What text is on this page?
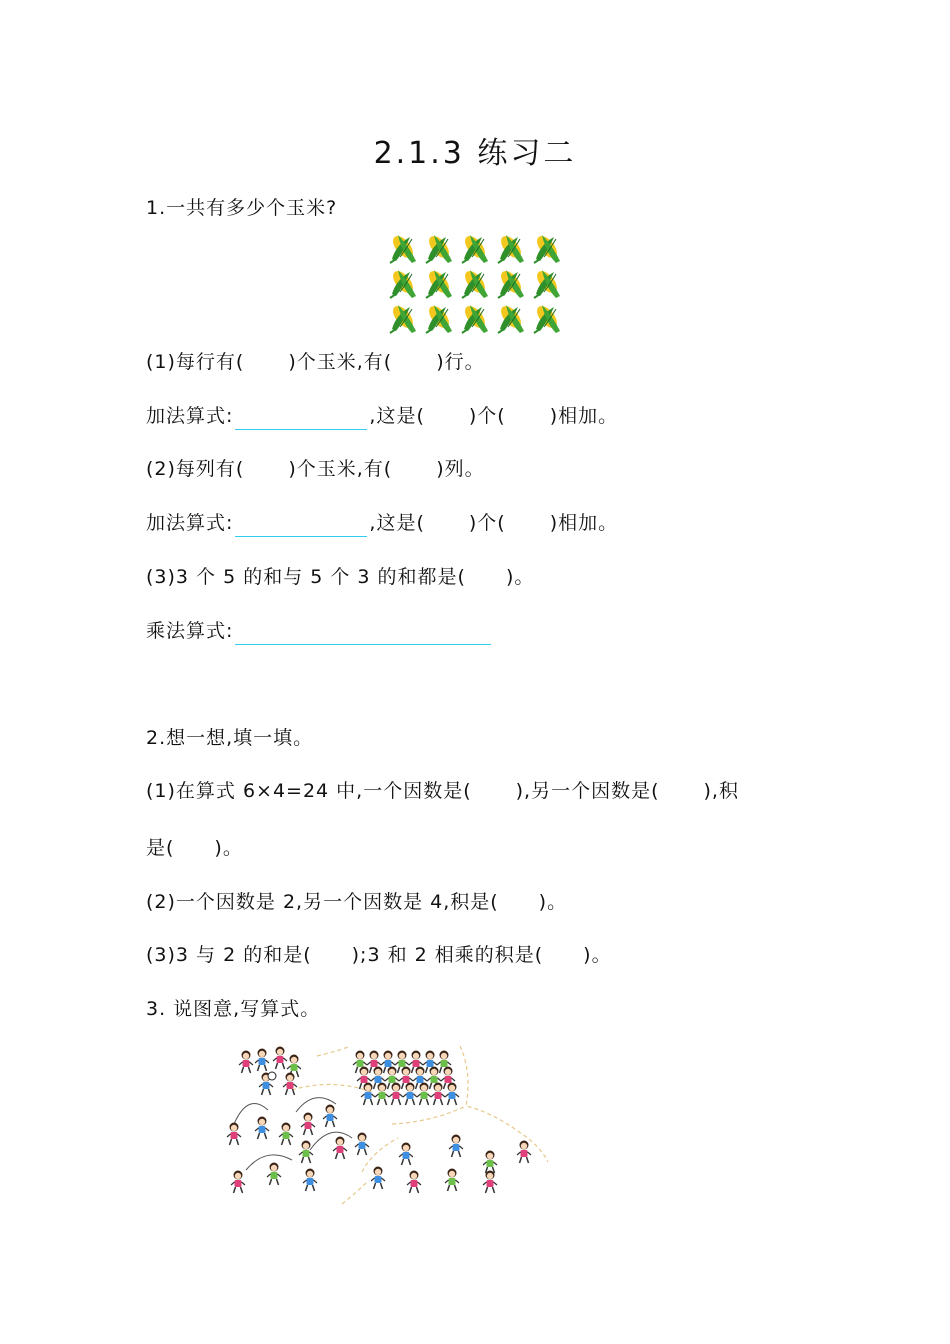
2.1.3 练习二
1.一共有多少个玉米?
(1)每行有( )个玉米,有( )行。
加法算式:	,这是( )个( )相加。
(2)每列有( )个玉米,有( )列。
加法算式:	,这是( )个( )相加。
(3)3 个 5 的和与 5 个 3 的和都是( )。
乘法算式:
2.想一想,填一填。
(1)在算式 6×4=24 中,一个因数是( ),另一个因数是( ),积
是( )。
(2)一个因数是 2,另一个因数是 4,积是( )。
(3)3 与 2 的和是( );3 和 2 相乘的积是( )。
3. 说图意,写算式。
